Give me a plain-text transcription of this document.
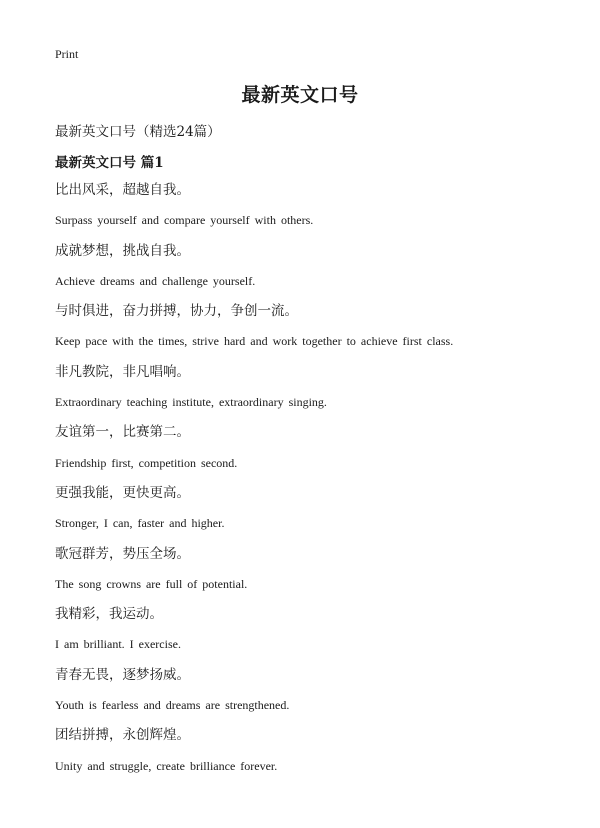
Print
最新英文口号
最新英文口号（精选24篇）
最新英文口号 篇1
比出风采，超越自我。
Surpass yourself and compare yourself with others.
成就梦想，挑战自我。
Achieve dreams and challenge yourself.
与时俱进，奋力拼搏，协力，争创一流。
Keep pace with the times, strive hard and work together to achieve first class.
非凡教院，非凡唱响。
Extraordinary teaching institute, extraordinary singing.
友谊第一，比赛第二。
Friendship first, competition second.
更强我能，更快更高。
Stronger, I can, faster and higher.
歌冠群芳，势压全场。
The song crowns are full of potential.
我精彩，我运动。
I am brilliant. I exercise.
青春无畏，逐梦扬威。
Youth is fearless and dreams are strengthened.
团结拼搏，永创辉煌。
Unity and struggle, create brilliance forever.
